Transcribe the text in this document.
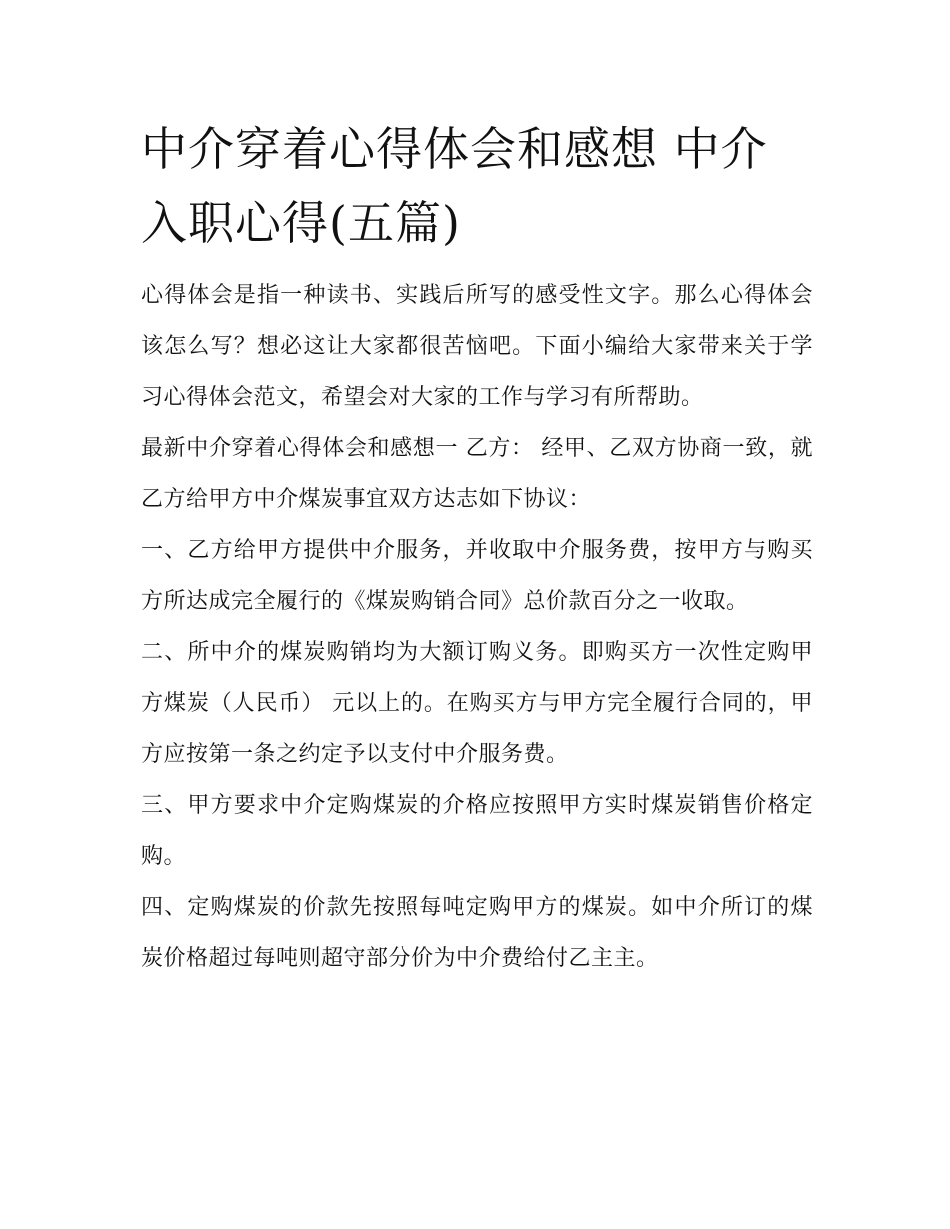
中介穿着心得体会和感想 中介入职心得(五篇)

心得体会是指一种读书、实践后所写的感受性文字。那么心得体会该怎么写？想必这让大家都很苦恼吧。下面小编给大家带来关于学习心得体会范文，希望会对大家的工作与学习有所帮助。

最新中介穿着心得体会和感想一 乙方： 经甲、乙双方协商一致，就乙方给甲方中介煤炭事宜双方达志如下协议：

一、乙方给甲方提供中介服务，并收取中介服务费，按甲方与购买方所达成完全履行的《煤炭购销合同》总价款百分之一收取。

二、所中介的煤炭购销均为大额订购义务。即购买方一次性定购甲方煤炭（人民币） 元以上的。在购买方与甲方完全履行合同的，甲方应按第一条之约定予以支付中介服务费。

三、甲方要求中介定购煤炭的介格应按照甲方实时煤炭销售价格定购。

四、定购煤炭的价款先按照每吨定购甲方的煤炭。如中介所订的煤炭价格超过每吨则超守部分价为中介费给付乙主主。
